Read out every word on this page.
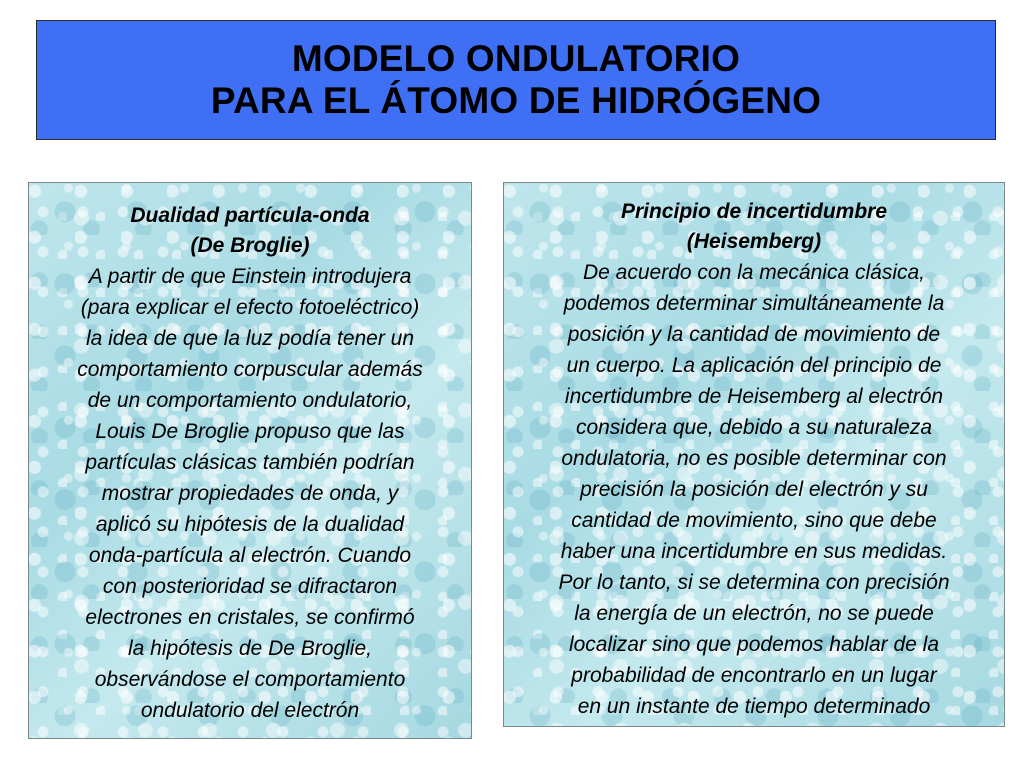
MODELO ONDULATORIO
PARA EL ÁTOMO DE HIDRÓGENO
Dualidad partícula-onda
(De Broglie)
A partir de que Einstein introdujera
(para explicar el efecto fotoeléctrico)
la idea de que la luz podía tener un
comportamiento corpuscular además
de un comportamiento ondulatorio,
Louis De Broglie propuso que las
partículas clásicas también podrían
mostrar propiedades de onda, y
aplicó su hipótesis de la dualidad
onda-partícula al electrón. Cuando
con posterioridad se difractaron
electrones en cristales, se confirmó
la hipótesis de De Broglie,
observándose el comportamiento
ondulatorio del electrón
Principio de incertidumbre
(Heisemberg)
De acuerdo con la mecánica clásica,
podemos determinar simultáneamente la
posición y la cantidad de movimiento de
un cuerpo. La aplicación del principio de
incertidumbre de Heisemberg al electrón
considera que, debido a su naturaleza
ondulatoria, no es posible determinar con
precisión la posición del electrón y su
cantidad de movimiento, sino que debe
haber una incertidumbre en sus medidas.
Por lo tanto, si se determina con precisión
la energía de un electrón, no se puede
localizar sino que podemos hablar de la
probabilidad de encontrarlo en un lugar
en un instante de tiempo determinado
